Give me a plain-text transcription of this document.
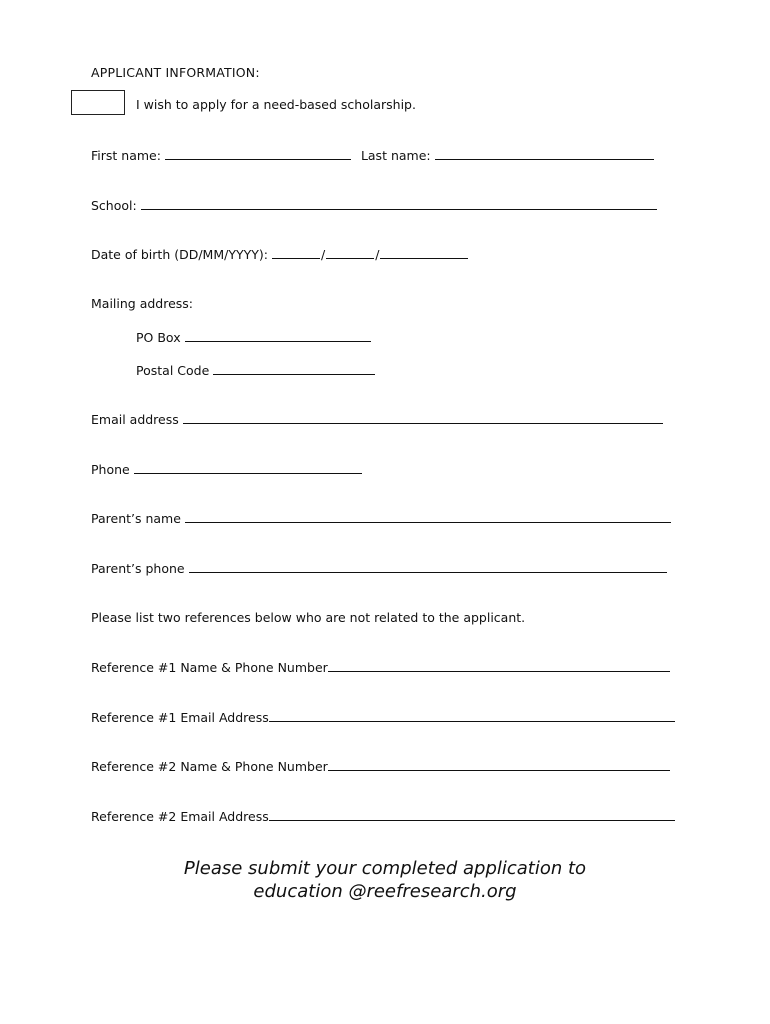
APPLICANT INFORMATION:
I wish to apply for a need-based scholarship.
First name:	Last name:
School:
Date of birth (DD/MM/YYYY):	/	/
Mailing address:
PO Box
Postal Code
Email address
Phone
Parent’s name
Parent’s phone
Please list two references below who are not related to the applicant.
Reference #1 Name & Phone Number
Reference #1 Email Address
Reference #2 Name & Phone Number
Reference #2 Email Address
Please submit your completed application to
education @reefresearch.org
